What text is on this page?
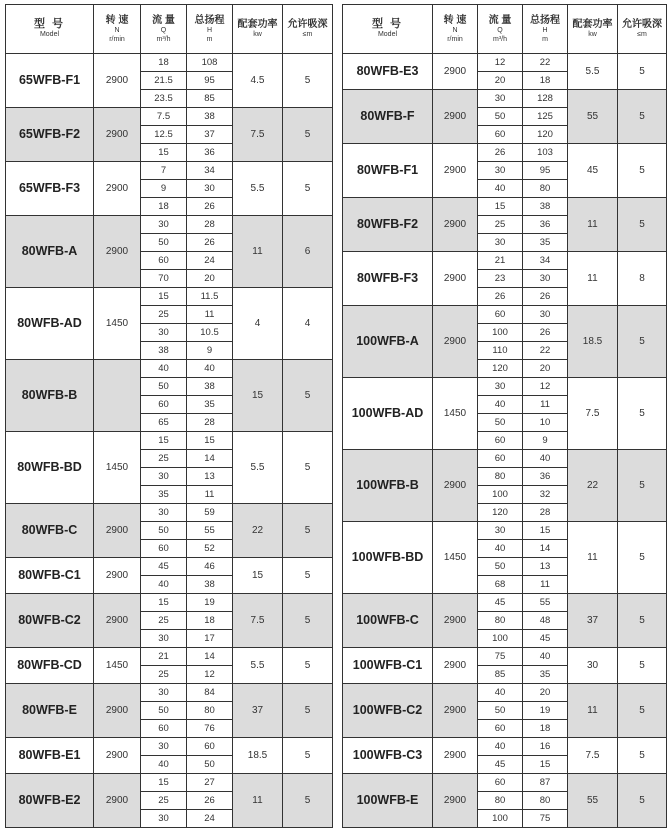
型 号
Model	转 速
N
r/min	流 量
Q
m³/h	总扬程
H
m	配套功率
kw	允许吸深
≤m

65WFB-F1	2900	18	108	4.5	5
		21.5	95		
		23.5	85		
65WFB-F2	2900	7.5	38	7.5	5
		12.5	37		
		15	36		
65WFB-F3	2900	7	34	5.5	5
		9	30		
		18	26		
80WFB-A	2900	30	28	11	6
		50	26		
		60	24		
		70	20		
80WFB-AD	1450	15	11.5	4	4
		25	11		
		30	10.5		
		38	9		
80WFB-B		40	40	15	5
		50	38		
		60	35		
		65	28		
80WFB-BD	1450	15	15	5.5	5
		25	14		
		30	13		
		35	11		
80WFB-C	2900	30	59	22	5
		50	55		
		60	52		
80WFB-C1	2900	45	46	15	5
		40	38		
80WFB-C2	2900	15	19	7.5	5
		25	18		
		30	17		
80WFB-CD	1450	21	14	5.5	5
		25	12		
80WFB-E	2900	30	84	37	5
		50	80		
		60	76		
80WFB-E1	2900	30	60	18.5	5
		40	50		
80WFB-E2	2900	15	27	11	5
		25	26		
		30	24		
型 号
Model	转 速
N
r/min	流 量
Q
m³/h	总扬程
H
m	配套功率
kw	允许吸深
≤m

80WFB-E3	2900	12	22	5.5	5
		20	18		
80WFB-F	2900	30	128	55	5
		50	125		
		60	120		
80WFB-F1	2900	26	103	45	5
		30	95		
		40	80		
80WFB-F2	2900	15	38	11	5
		25	36		
		30	35		
80WFB-F3	2900	21	34	11	8
		23	30		
		26	26		
100WFB-A	2900	60	30	18.5	5
		100	26		
		110	22		
		120	20		
100WFB-AD	1450	30	12	7.5	5
		40	11		
		50	10		
		60	9		
100WFB-B	2900	60	40	22	5
		80	36		
		100	32		
		120	28		
100WFB-BD	1450	30	15	11	5
		40	14		
		50	13		
		68	11		
100WFB-C	2900	45	55	37	5
		80	48		
		100	45		
100WFB-C1	2900	75	40	30	5
		85	35		
100WFB-C2	2900	40	20	11	5
		50	19		
		60	18		
100WFB-C3	2900	40	16	7.5	5
		45	15		
100WFB-E	2900	60	87	55	5
		80	80		
		100	75		
